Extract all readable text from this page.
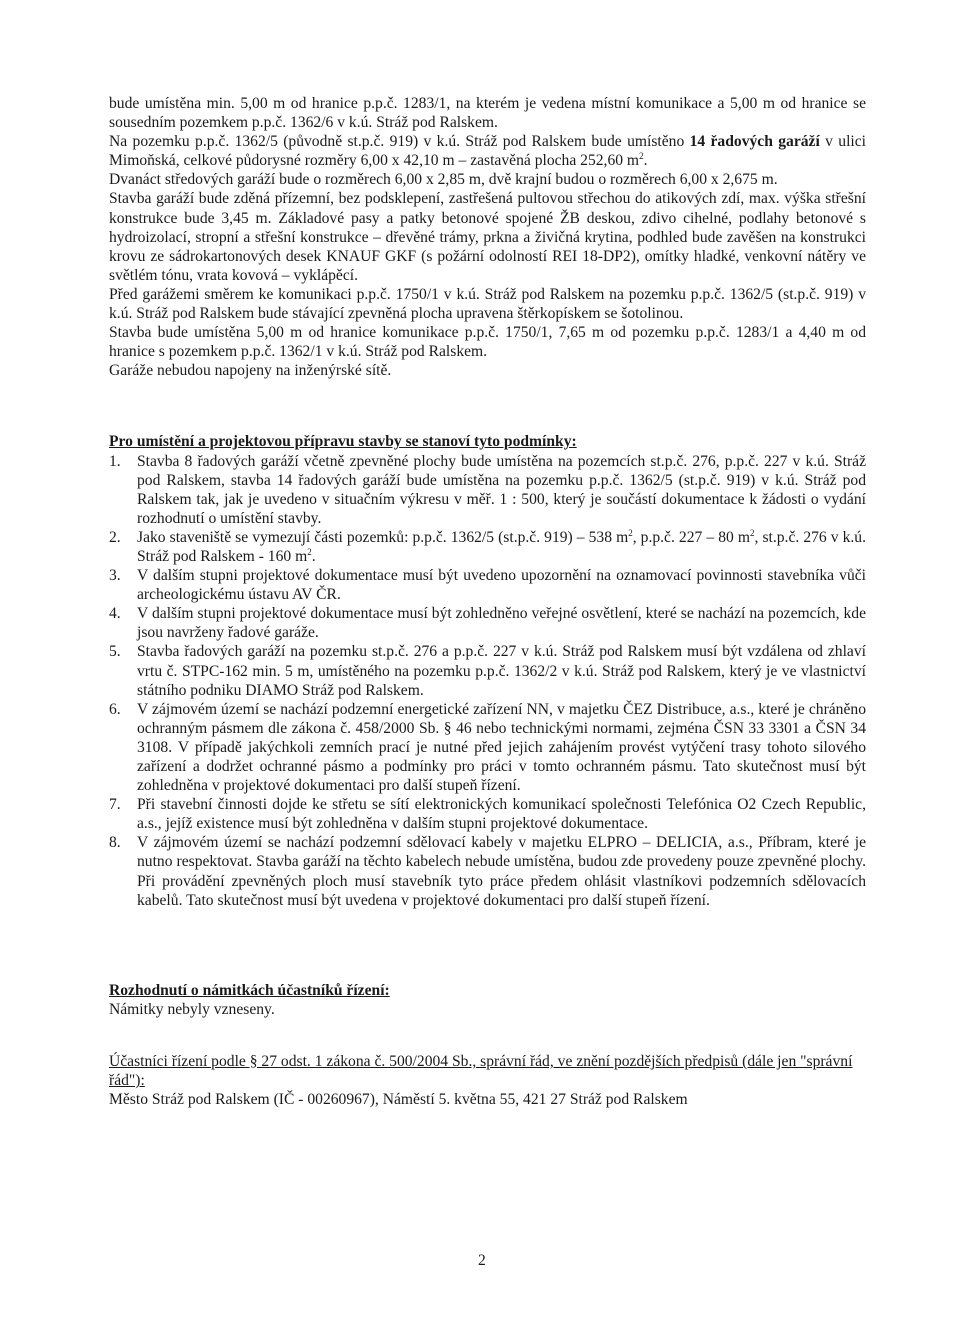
bude umístěna min. 5,00 m od hranice p.p.č. 1283/1, na kterém je vedena místní komunikace a 5,00 m od hranice se sousedním pozemkem p.p.č. 1362/6 v k.ú. Stráž pod Ralskem.
Na pozemku p.p.č. 1362/5 (původně st.p.č. 919) v k.ú. Stráž pod Ralskem bude umístěno 14 řadových garáží v ulici Mimoňská, celkové půdorysné rozměry 6,00 x 42,10 m – zastavěná plocha 252,60 $m^2$.
Dvanáct středových garáží bude o rozměrech 6,00 x 2,85 m, dvě krajní budou o rozměrech 6,00 x 2,675 m.
Stavba garáží bude zděná přízemní, bez podsklepení, zastřešená pultovou střechou do atikových zdí, max. výška střešní konstrukce bude 3,45 m. Základové pasy a patky betonové spojené ŽB deskou, zdivo cihelné, podlahy betonové s hydroizolací, stropní a střešní konstrukce – dřevěné trámy, prkna a živičná krytina, podhled bude zavěšen na konstrukci krovu ze sádrokartonových desek KNAUF GKF (s požární odolností REI 18-DP2), omítky hladké, venkovní nátěry ve světlém tónu, vrata kovová – vyklápěcí.
Před garážemi směrem ke komunikaci p.p.č. 1750/1 v k.ú. Stráž pod Ralskem na pozemku p.p.č. 1362/5 (st.p.č. 919) v k.ú. Stráž pod Ralskem bude stávající zpevněná plocha upravena štěrkopískem se šotolinou.
Stavba bude umístěna 5,00 m od hranice komunikace p.p.č. 1750/1, 7,65 m od pozemku p.p.č. 1283/1 a 4,40 m od hranice s pozemkem p.p.č. 1362/1 v k.ú. Stráž pod Ralskem.
Garáže nebudou napojeny na inženýrské sítě.
Pro umístění a projektovou přípravu stavby se stanoví tyto podmínky:
1. Stavba 8 řadových garáží včetně zpevněné plochy bude umístěna na pozemcích st.p.č. 276, p.p.č. 227 v k.ú. Stráž pod Ralskem, stavba 14 řadových garáží bude umístěna na pozemku p.p.č. 1362/5 (st.p.č. 919) v k.ú. Stráž pod Ralskem tak, jak je uvedeno v situačním výkresu v měř. 1 : 500, který je součástí dokumentace k žádosti o vydání rozhodnutí o umístění stavby.
2. Jako staveniště se vymezují části pozemků: p.p.č. 1362/5 (st.p.č. 919) – 538 $m^2$, p.p.č. 227 – 80 $m^2$, st.p.č. 276 v k.ú. Stráž pod Ralskem - 160 $m^2$.
3. V dalším stupni projektové dokumentace musí být uvedeno upozornění na oznamovací povinnosti stavebníka vůči archeologickému ústavu AV ČR.
4. V dalším stupni projektové dokumentace musí být zohledněno veřejné osvětlení, které se nachází na pozemcích, kde jsou navrženy řadové garáže.
5. Stavba řadových garáží na pozemku st.p.č. 276 a p.p.č. 227 v k.ú. Stráž pod Ralskem musí být vzdálena od zhlaví vrtu č. STPC-162 min. 5 m, umístěného na pozemku p.p.č. 1362/2 v k.ú. Stráž pod Ralskem, který je ve vlastnictví státního podniku DIAMO Stráž pod Ralskem.
6. V zájmovém území se nachází podzemní energetické zařízení NN, v majetku ČEZ Distribuce, a.s., které je chráněno ochranným pásmem dle zákona č. 458/2000 Sb. § 46 nebo technickými normami, zejména ČSN 33 3301 a ČSN 34 3108. V případě jakýchkoli zemních prací je nutné před jejich zahájením provést vytýčení trasy tohoto silového zařízení a dodržet ochranné pásmo a podmínky pro práci v tomto ochranném pásmu. Tato skutečnost musí být zohledněna v projektové dokumentaci pro další stupeň řízení.
7. Při stavební činnosti dojde ke střetu se sítí elektronických komunikací společnosti Telefónica O2 Czech Republic, a.s., jejíž existence musí být zohledněna v dalším stupni projektové dokumentace.
8. V zájmovém území se nachází podzemní sdělovací kabely v majetku ELPRO – DELICIA, a.s., Příbram, které je nutno respektovat. Stavba garáží na těchto kabelech nebude umístěna, budou zde provedeny pouze zpevněné plochy. Při provádění zpevněných ploch musí stavebník tyto práce předem ohlásit vlastníkovi podzemních sdělovacích kabelů. Tato skutečnost musí být uvedena v projektové dokumentaci pro další stupeň řízení.
Rozhodnutí o námitkách účastníků řízení:
Námitky nebyly vzneseny.
Účastníci řízení podle § 27 odst. 1 zákona č. 500/2004 Sb., správní řád, ve znění pozdějších předpisů (dále jen "správní řád"):
Město Stráž pod Ralskem (IČ - 00260967), Náměstí 5. května 55, 421 27 Stráž pod Ralskem
2
